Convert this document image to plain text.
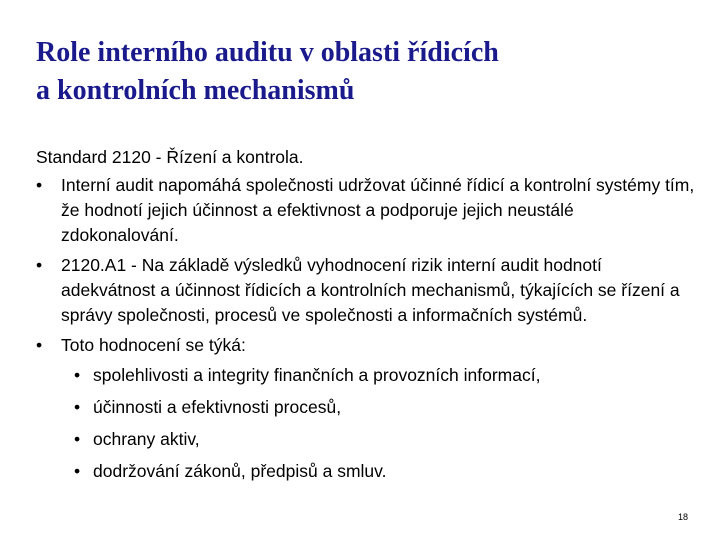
Role interního auditu v oblasti řídicích
a kontrolních mechanismů
Standard 2120 - Řízení a kontrola.
• Interní audit napomáhá společnosti udržovat účinné řídicí a kontrolní systémy tím, že hodnotí jejich účinnost a efektivnost a podporuje jejich neustálé zdokonalování.
• 2120.A1 - Na základě výsledků vyhodnocení rizik interní audit hodnotí adekvátnost a účinnost řídicích a kontrolních mechanismů, týkajících se řízení a správy společnosti, procesů ve společnosti a informačních systémů.
• Toto hodnocení se týká:
• spolehlivosti a integrity finančních a provozních informací,
• účinnosti a efektivnosti procesů,
• ochrany aktiv,
• dodržování zákonů, předpisů a smluv.
18
